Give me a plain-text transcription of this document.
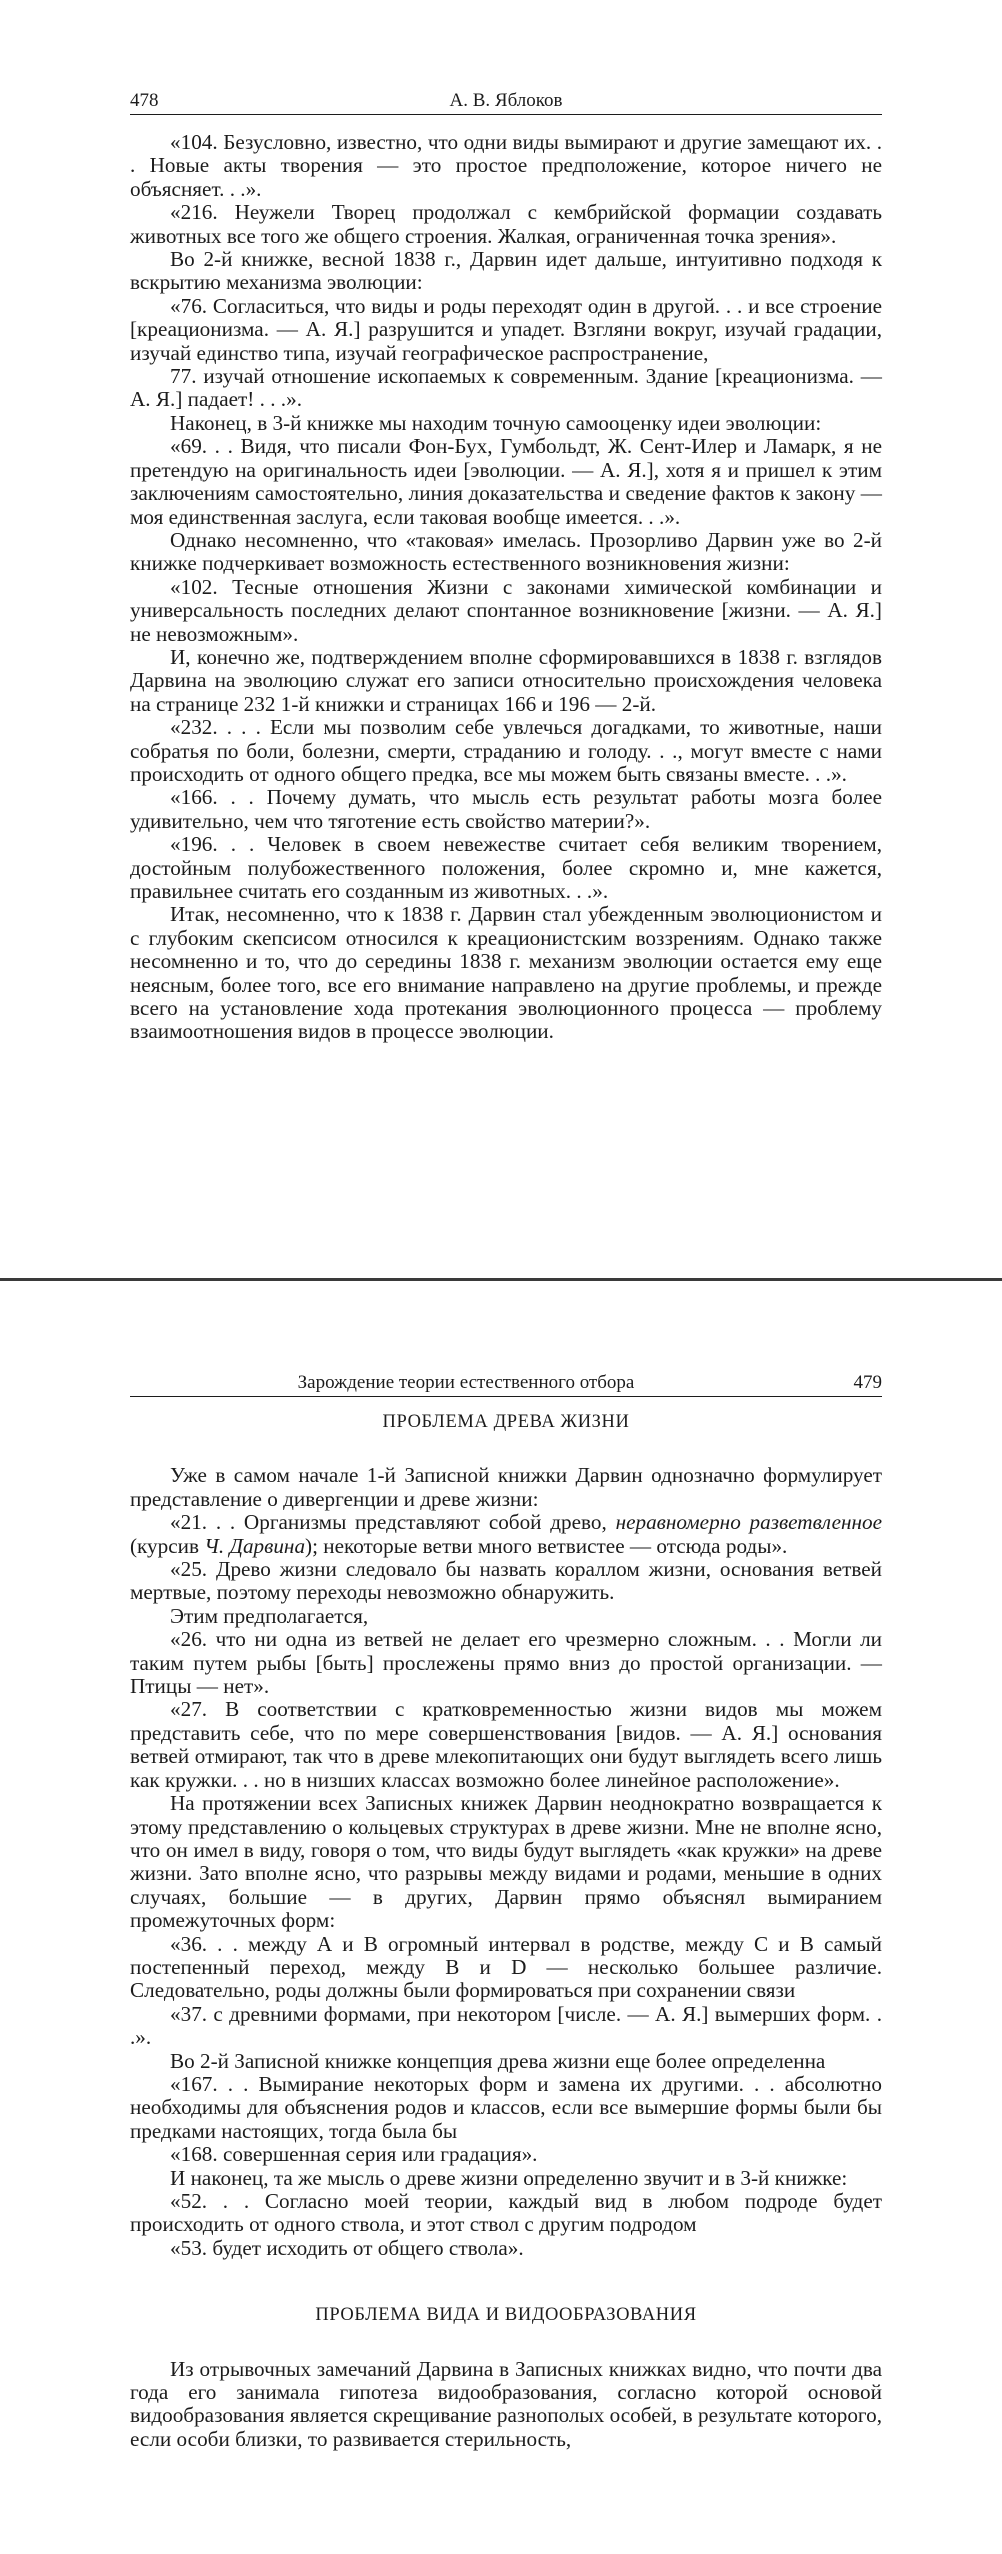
478	А. В. Яблоков

«104. Безусловно, известно, что одни виды вымирают и другие замещают их. . . Новые акты творения — это простое предположение, которое ничего не объясняет. . .».

«216. Неужели Творец продолжал с кембрийской формации создавать животных все того же общего строения. Жалкая, ограниченная точка зрения».

Во 2-й книжке, весной 1838 г., Дарвин идет дальше, интуитивно подходя к вскрытию механизма эволюции:

«76. Согласиться, что виды и роды переходят один в другой. . . и все строение [креационизма. — А. Я.] разрушится и упадет. Взгляни вокруг, изучай градации, изучай единство типа, изучай географическое распространение,

77. изучай отношение ископаемых к современным. Здание [креационизма. — А. Я.] падает! . . .».

Наконец, в 3-й книжке мы находим точную самооценку идеи эволюции:

«69. . . Видя, что писали Фон-Бух, Гумбольдт, Ж. Сент-Илер и Ламарк, я не претендую на оригинальность идеи [эволюции. — А. Я.], хотя я и пришел к этим заключениям самостоятельно, линия доказательства и сведение фактов к закону — моя единственная заслуга, если таковая вообще имеется. . .».

Однако несомненно, что «таковая» имелась. Прозорливо Дарвин уже во 2-й книжке подчеркивает возможность естественного возникновения жизни:

«102. Тесные отношения Жизни с законами химической комбинации и универсальность последних делают спонтанное возникновение [жизни. — А. Я.] не невозможным».

И, конечно же, подтверждением вполне сформировавшихся в 1838 г. взглядов Дарвина на эволюцию служат его записи относительно происхождения человека на странице 232 1-й книжки и страницах 166 и 196 — 2-й.

«232. . . . Если мы позволим себе увлечься догадками, то животные, наши собратья по боли, болезни, смерти, страданию и голоду. . ., могут вместе с нами происходить от одного общего предка, все мы можем быть связаны вместе. . .».

«166. . . Почему думать, что мысль есть результат работы мозга более удивительно, чем что тяготение есть свойство материи?».

«196. . . Человек в своем невежестве считает себя великим творением, достойным полубожественного положения, более скромно и, мне кажется, правильнее считать его созданным из животных. . .».

Итак, несомненно, что к 1838 г. Дарвин стал убежденным эволюционистом и с глубоким скепсисом относился к креационистским воззрениям. Однако также несомненно и то, что до середины 1838 г. механизм эволюции остается ему еще неясным, более того, все его внимание направлено на другие проблемы, и прежде всего на установление хода протекания эволюционного процесса — проблему взаимоотношения видов в процессе эволюции.

Зарождение теории естественного отбора	479
ПРОБЛЕМА ДРЕВА ЖИЗНИ

Уже в самом начале 1-й Записной книжки Дарвин однозначно формулирует представление о дивергенции и древе жизни:

«21. . . Организмы представляют собой древо, неравномерно разветвленное (курсив Ч. Дарвина); некоторые ветви много ветвистее — отсюда роды».

«25. Древо жизни следовало бы назвать кораллом жизни, основания ветвей мертвые, поэтому переходы невозможно обнаружить.

Этим предполагается,

«26. что ни одна из ветвей не делает его чрезмерно сложным. . . Могли ли таким путем рыбы [быть] прослежены прямо вниз до простой организации. — Птицы — нет».

«27. В соответствии с кратковременностью жизни видов мы можем представить себе, что по мере совершенствования [видов. — А. Я.] основания ветвей отмирают, так что в древе млекопитающих они будут выглядеть всего лишь как кружки. . . но в низших классах возможно более линейное расположение».

На протяжении всех Записных книжек Дарвин неоднократно возвращается к этому представлению о кольцевых структурах в древе жизни. Мне не вполне ясно, что он имел в виду, говоря о том, что виды будут выглядеть «как кружки» на древе жизни. Зато вполне ясно, что разрывы между видами и родами, меньшие в одних случаях, большие — в других, Дарвин прямо объяснял вымиранием промежуточных форм:

«36. . . между А и В огромный интервал в родстве, между С и В самый постепенный переход, между В и D — несколько большее различие. Следовательно, роды должны были формироваться при сохранении связи

«37. с древними формами, при некотором [числе. — А. Я.] вымерших форм. . .».

Во 2-й Записной книжке концепция древа жизни еще более определенна

«167. . . Вымирание некоторых форм и замена их другими. . . абсолютно необходимы для объяснения родов и классов, если все вымершие формы были бы предками настоящих, тогда была бы

«168. совершенная серия или градация».

И наконец, та же мысль о древе жизни определенно звучит и в 3-й книжке:

«52. . . Согласно моей теории, каждый вид в любом подроде будет происходить от одного ствола, и этот ствол с другим подродом

«53. будет исходить от общего ствола».

ПРОБЛЕМА ВИДА И ВИДООБРАЗОВАНИЯ

Из отрывочных замечаний Дарвина в Записных книжках видно, что почти два года его занимала гипотеза видообразования, согласно которой основой видообразования является скрещивание разнополых особей, в результате которого, если особи близки, то развивается стерильность,
